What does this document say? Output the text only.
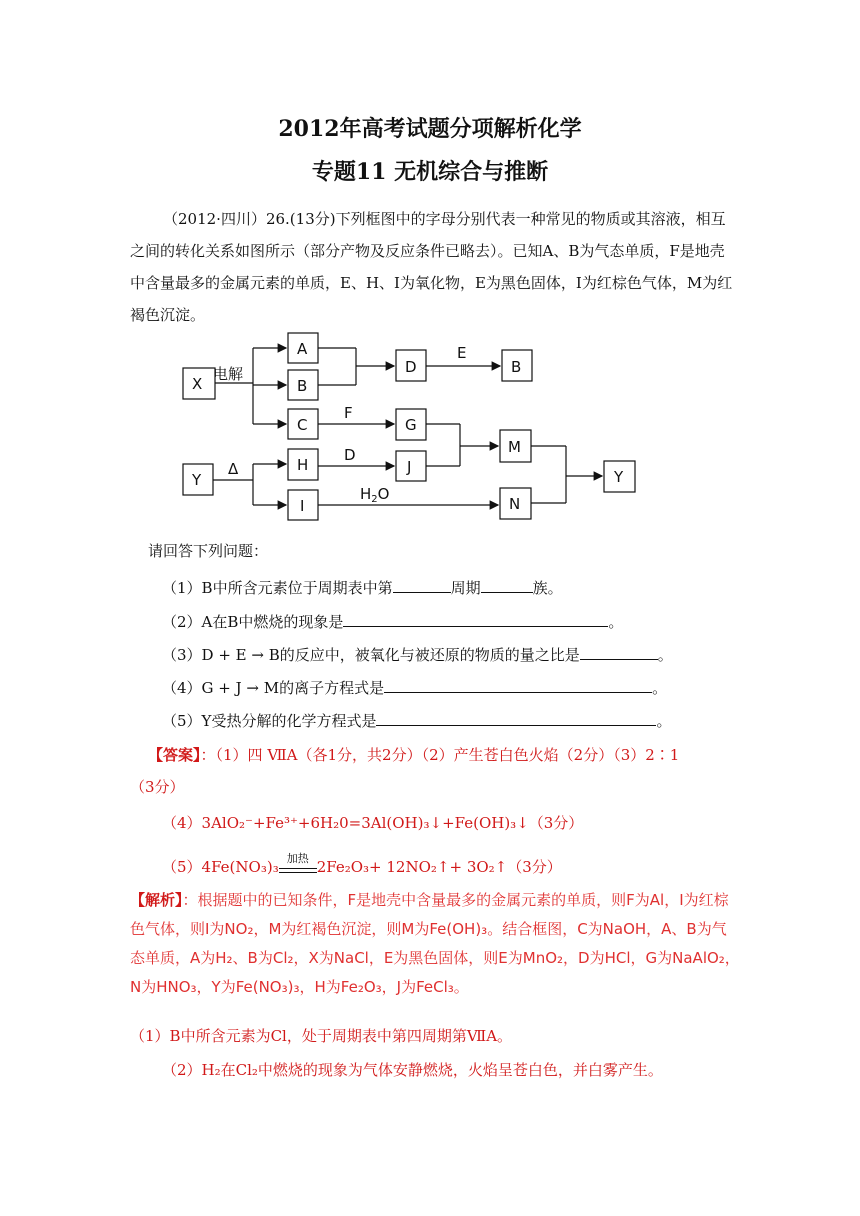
2012年高考试题分项解析化学
专题11 无机综合与推断
（2012·四川）26.(13分)下列框图中的字母分别代表一种常见的物质或其溶液，相互之间的转化关系如图所示（部分产物及反应条件已略去）。已知A、B为气态单质，F是地壳中含量最多的金属元素的单质，E、H、I为氧化物，E为黑色固体，I为红棕色气体，M为红褐色沉淀。
X
A
B
C
D	B
G
M
Y
H	J
I	N
Y
电解
E
F
D
Δ
$H_2O$
请回答下列问题：
（1）B中所含元素位于周期表中第	周期	族。
（2）A在B中燃烧的现象是	。
（3）D + E → B的反应中，被氧化与被还原的物质的量之比是	。
（4）G + J → M的离子方程式是	。
（5）Y受热分解的化学方程式是	。
【答案】：（1）四 ⅦA（各1分，共2分）（2）产生苍白色火焰（2分）（3）2∶1
（3分）
（4）3AlO₂⁻+Fe³⁺+6H₂0=3Al(OH)₃↓+Fe(OH)₃↓（3分）
（5）4Fe(NO₃)₃ 加热 2Fe₂O₃+ 12NO₂↑+ 3O₂↑（3分）
【解析】：根据题中的已知条件，F是地壳中含量最多的金属元素的单质，则F为Al，I为红棕色气体，则I为NO₂，M为红褐色沉淀，则M为Fe(OH)₃。结合框图，C为NaOH，A、B为气态单质，A为H₂、B为Cl₂，X为NaCl，E为黑色固体，则E为MnO₂，D为HCl，G为NaAlO₂，N为HNO₃，Y为Fe(NO₃)₃，H为Fe₂O₃，J为FeCl₃。
（1）B中所含元素为Cl，处于周期表中第四周期第ⅦA。
（2）H₂在Cl₂中燃烧的现象为气体安静燃烧，火焰呈苍白色，并白雾产生。
